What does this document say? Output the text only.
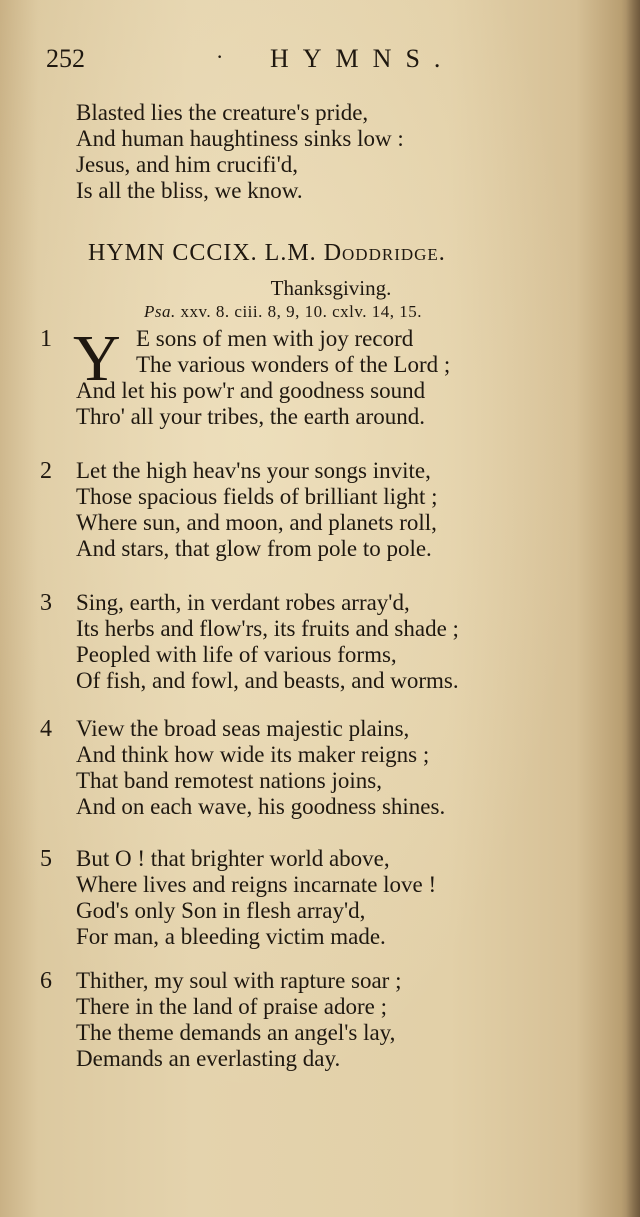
252	· HYMNS.
Blasted lies the creature's pride,
And human haughtiness sinks low :
Jesus, and him crucifi'd,
Is all the bliss, we know.
HYMN CCCIX. L.M. Doddridge.
Thanksgiving.
Psa. xxv. 8. ciii. 8, 9, 10. cxlv. 14, 15.
Y
1	E sons of men with joy record
The various wonders of the Lord ;
And let his pow'r and goodness sound
Thro' all your tribes, the earth around.
2 Let the high heav'ns your songs invite,
Those spacious fields of brilliant light ;
Where sun, and moon, and planets roll,
And stars, that glow from pole to pole.
3 Sing, earth, in verdant robes array'd,
Its herbs and flow'rs, its fruits and shade ;
Peopled with life of various forms,
Of fish, and fowl, and beasts, and worms.
4 View the broad seas majestic plains,
And think how wide its maker reigns ;
That band remotest nations joins,
And on each wave, his goodness shines.
5 But O ! that brighter world above,
Where lives and reigns incarnate love !
God's only Son in flesh array'd,
For man, a bleeding victim made.
6 Thither, my soul with rapture soar ;
There in the land of praise adore ;
The theme demands an angel's lay,
Demands an everlasting day.
